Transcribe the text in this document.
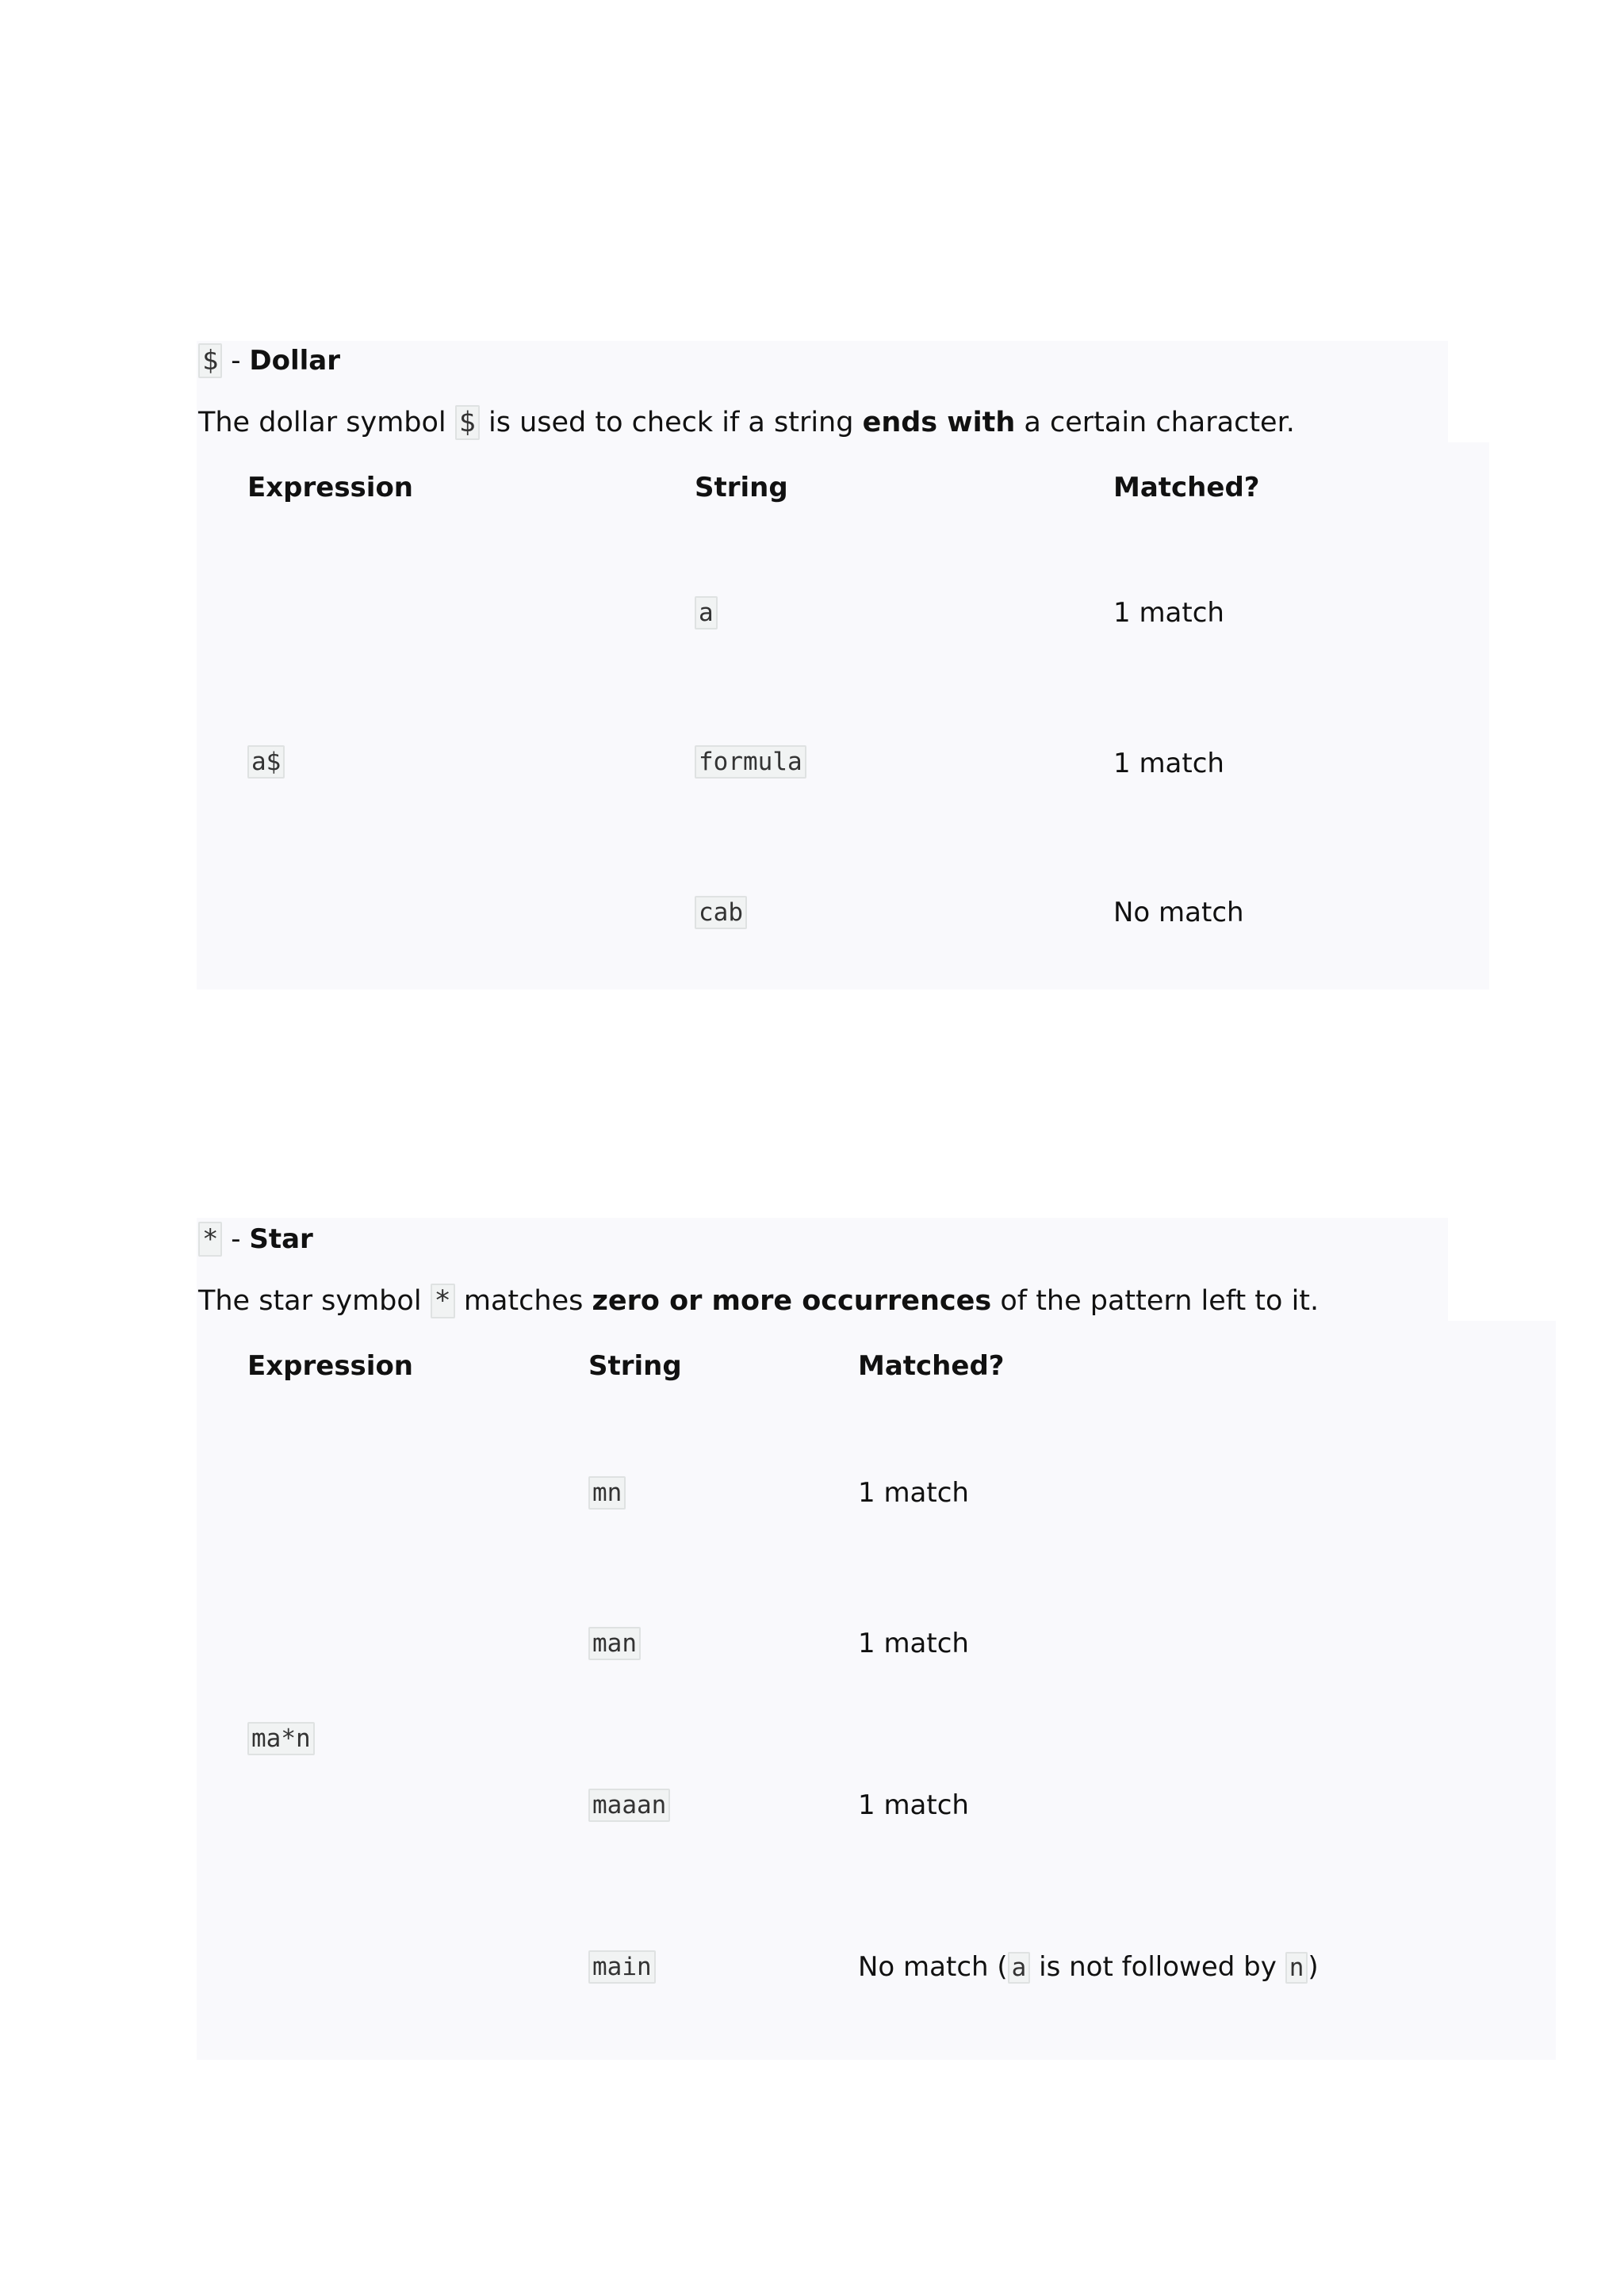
$ - Dollar
The dollar symbol $ is used to check if a string ends with a certain character.
Expression	String	Matched?
a$
a	1 match
formula	1 match
cab	No match
* - Star
The star symbol * matches zero or more occurrences of the pattern left to it.
Expression	String	Matched?
ma*n
mn	1 match
man	1 match
maaan	1 match
main	No match ( a is not followed by n )
